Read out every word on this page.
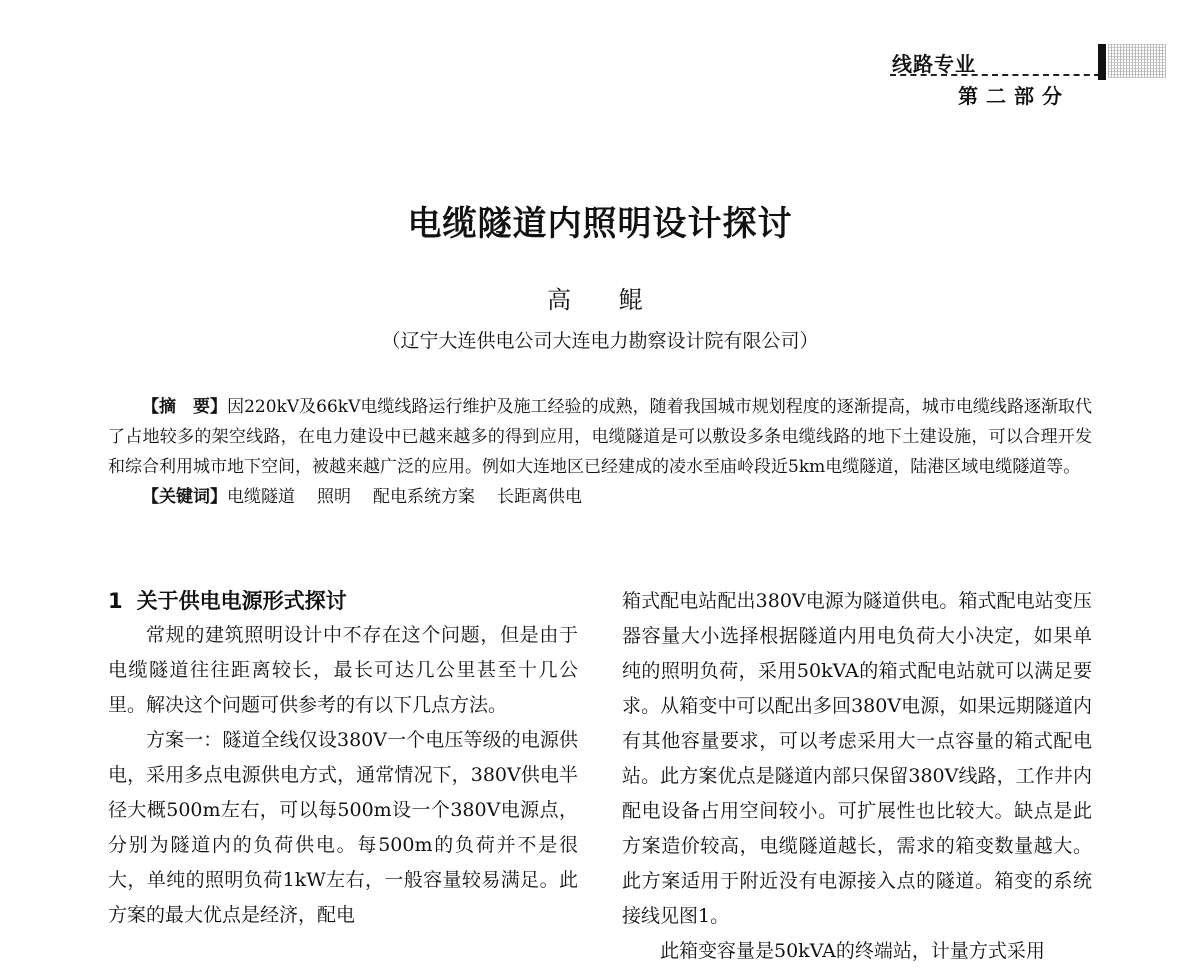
线路专业
第二部分
电缆隧道内照明设计探讨
高 鲲
（辽宁大连供电公司大连电力勘察设计院有限公司）

【摘　要】因220kV及66kV电缆线路运行维护及施工经验的成熟，随着我国城市规划程度的逐渐提高，城市电缆线路逐渐取代了占地较多的架空线路，在电力建设中已越来越多的得到应用，电缆隧道是可以敷设多条电缆线路的地下土建设施，可以合理开发和综合利用城市地下空间，被越来越广泛的应用。例如大连地区已经建成的凌水至庙岭段近5km电缆隧道，陆港区域电缆隧道等。

【关键词】电缆隧道 照明 配电系统方案 长距离供电

1 关于供电电源形式探讨

常规的建筑照明设计中不存在这个问题，但是由于电缆隧道往往距离较长，最长可达几公里甚至十几公里。解决这个问题可供参考的有以下几点方法。

方案一：隧道全线仅设380V一个电压等级的电源供电，采用多点电源供电方式，通常情况下，380V供电半径大概500m左右，可以每500m设一个380V电源点，分别为隧道内的负荷供电。每500m的负荷并不是很大，单纯的照明负荷1kW左右，一般容量较易满足。此方案的最大优点是经济，配电

箱式配电站配出380V电源为隧道供电。箱式配电站变压器容量大小选择根据隧道内用电负荷大小决定，如果单纯的照明负荷，采用50kVA的箱式配电站就可以满足要求。从箱变中可以配出多回380V电源，如果远期隧道内有其他容量要求，可以考虑采用大一点容量的箱式配电站。此方案优点是隧道内部只保留380V线路，工作井内配电设备占用空间较小。可扩展性也比较大。缺点是此方案造价较高，电缆隧道越长，需求的箱变数量越大。此方案适用于附近没有电源接入点的隧道。箱变的系统接线见图1。

此箱变容量是50kVA的终端站，计量方式采用
